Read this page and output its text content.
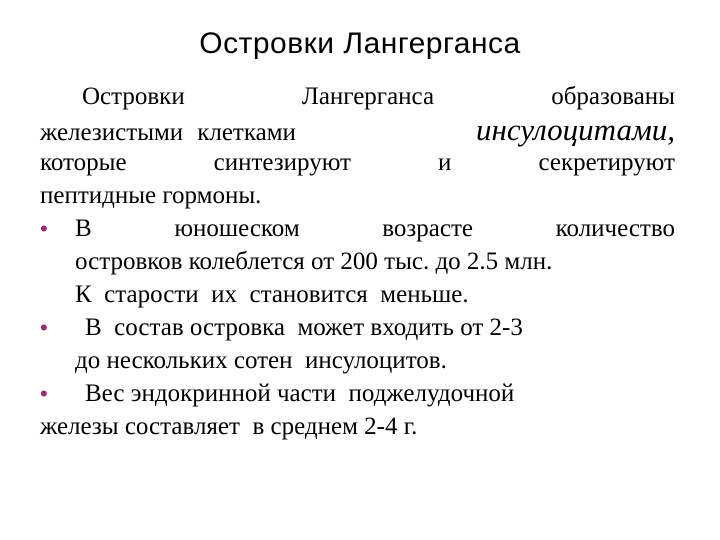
Островки Лангерганса
Островки	Лангерганса	образованы
железистыми клетками	инсулоцитами,
которые	синтезируют	и	секретируют
пептидные гормоны.
•	В	юношеском	возрасте	количество
островков колеблется от 200 тыс. до 2.5 млн.
К  старости  их  становится  меньше.
•	В  состав островка  может входить от 2-3
до нескольких сотен  инсулоцитов.
•	Вес эндокринной части  поджелудочной
железы составляет  в среднем 2-4 г.
